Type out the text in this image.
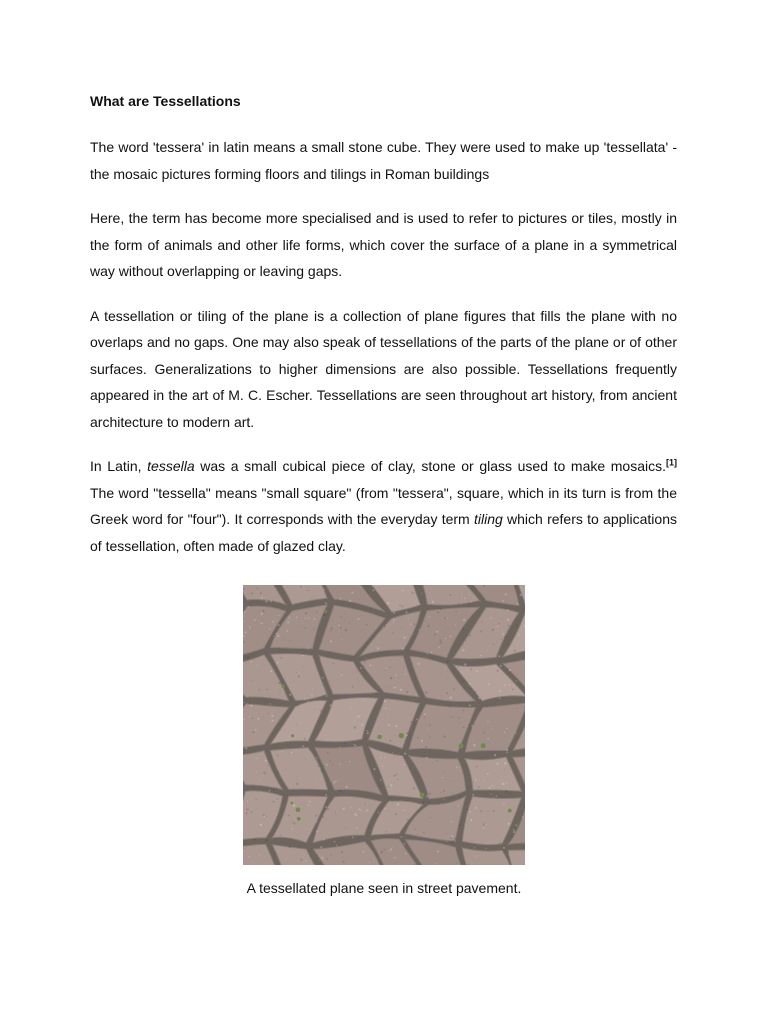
What are Tessellations

The word 'tessera' in latin means a small stone cube. They were used to make up 'tessellata' - the mosaic pictures forming floors and tilings in Roman buildings

Here, the term has become more specialised and is used to refer to pictures or tiles, mostly in the form of animals and other life forms, which cover the surface of a plane in a symmetrical way without overlapping or leaving gaps.

A tessellation or tiling of the plane is a collection of plane figures that fills the plane with no overlaps and no gaps. One may also speak of tessellations of the parts of the plane or of other surfaces. Generalizations to higher dimensions are also possible. Tessellations frequently appeared in the art of M. C. Escher. Tessellations are seen throughout art history, from ancient architecture to modern art.

In Latin, tessella was a small cubical piece of clay, stone or glass used to make mosaics.[1] The word "tessella" means "small square" (from "tessera", square, which in its turn is from the Greek word for "four"). It corresponds with the everyday term tiling which refers to applications of tessellation, often made of glazed clay.

A tessellated plane seen in street pavement.
